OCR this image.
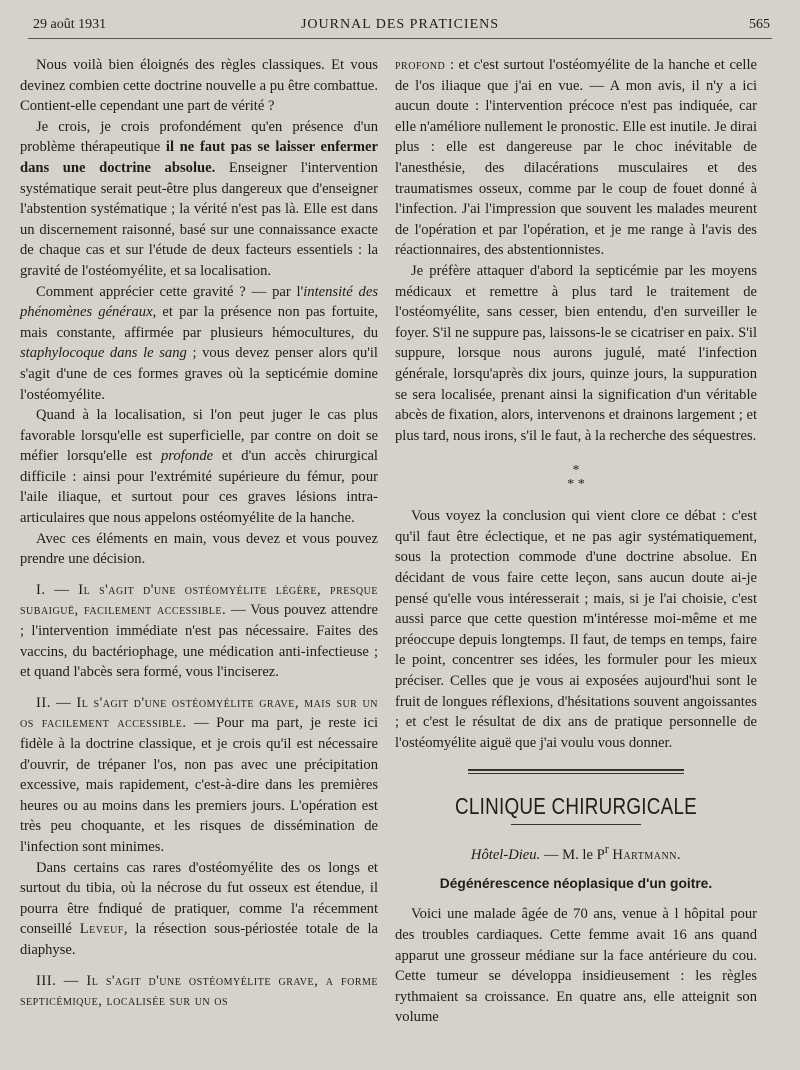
29 août 1931	JOURNAL DES PRATICIENS	565

Nous voilà bien éloignés des règles classiques. Et vous devinez combien cette doctrine nouvelle a pu être combattue. Contient-elle cependant une part de vérité ?

Je crois, je crois profondément qu'en présence d'un problème thérapeutique il ne faut pas se laisser enfermer dans une doctrine absolue. Enseigner l'intervention systématique serait peut-être plus dangereux que d'enseigner l'abstention systématique ; la vérité n'est pas là. Elle est dans un discernement raisonné, basé sur une connaissance exacte de chaque cas et sur l'étude de deux facteurs essentiels : la gravité de l'ostéomyélite, et sa localisation.

Comment apprécier cette gravité ? — par l'intensité des phénomènes généraux, et par la présence non pas fortuite, mais constante, affirmée par plusieurs hémocultures, du staphylocoque dans le sang ; vous devez penser alors qu'il s'agit d'une de ces formes graves où la septicémie domine l'ostéomyélite.

Quand à la localisation, si l'on peut juger le cas plus favorable lorsqu'elle est superficielle, par contre on doit se méfier lorsqu'elle est profonde et d'un accès chirurgical difficile : ainsi pour l'extrémité supérieure du fémur, pour l'aile iliaque, et surtout pour ces graves lésions intra-articulaires que nous appelons ostéomyélite de la hanche.

Avec ces éléments en main, vous devez et vous pouvez prendre une décision.

I. — Il s'agit d'une ostéomyélite légère, presque subaiguë, facilement accessible. — Vous pouvez attendre ; l'intervention immédiate n'est pas nécessaire. Faites des vaccins, du bactériophage, une médication anti-infectieuse ; et quand l'abcès sera formé, vous l'inciserez.

II. — Il s'agit d'une ostéomyélite grave, mais sur un os facilement accessible. — Pour ma part, je reste ici fidèle à la doctrine classique, et je crois qu'il est nécessaire d'ouvrir, de trépaner l'os, non pas avec une précipitation excessive, mais rapidement, c'est-à-dire dans les premières heures ou au moins dans les premiers jours. L'opération est très peu choquante, et les risques de dissémination de l'infection sont minimes.

Dans certains cas rares d'ostéomyélite des os longs et surtout du tibia, où la nécrose du fut osseux est étendue, il pourra être fndiqué de pratiquer, comme l'a récemment conseillé Leveuf, la résection sous-périostée totale de la diaphyse.

III. — Il s'agit d'une ostéomyélite grave, a forme septicémique, localisée sur un os

profond : et c'est surtout l'ostéomyélite de la hanche et celle de l'os iliaque que j'ai en vue. — A mon avis, il n'y a ici aucun doute : l'intervention précoce n'est pas indiquée, car elle n'améliore nullement le pronostic. Elle est inutile. Je dirai plus : elle est dangereuse par le choc inévitable de l'anesthésie, des dilacérations musculaires et des traumatismes osseux, comme par le coup de fouet donné à l'infection. J'ai l'impression que souvent les malades meurent de l'opération et par l'opération, et je me range à l'avis des réactionnaires, des abstentionnistes.

Je préfère attaquer d'abord la septicémie par les moyens médicaux et remettre à plus tard le traitement de l'ostéomyélite, sans cesser, bien entendu, d'en surveiller le foyer. S'il ne suppure pas, laissons-le se cicatriser en paix. S'il suppure, lorsque nous aurons jugulé, maté l'infection générale, lorsqu'après dix jours, quinze jours, la suppuration se sera localisée, prenant ainsi la signification d'un véritable abcès de fixation, alors, intervenons et drainons largement ; et plus tard, nous irons, s'il le faut, à la recherche des séquestres.

*
* *

Vous voyez la conclusion qui vient clore ce débat : c'est qu'il faut être éclectique, et ne pas agir systématiquement, sous la protection commode d'une doctrine absolue. En décidant de vous faire cette leçon, sans aucun doute ai-je pensé qu'elle vous intéresserait ; mais, si je l'ai choisie, c'est aussi parce que cette question m'intéresse moi-même et me préoccupe depuis longtemps. Il faut, de temps en temps, faire le point, concentrer ses idées, les formuler pour les mieux préciser. Celles que je vous ai exposées aujourd'hui sont le fruit de longues réflexions, d'hésitations souvent angoissantes ; et c'est le résultat de dix ans de pratique personnelle de l'ostéomyélite aiguë que j'ai voulu vous donner.

CLINIQUE CHIRURGICALE
Hôtel-Dieu. — M. le $P^r$ Hartmann.
Dégénérescence néoplasique d'un goitre.

Voici une malade âgée de 70 ans, venue à l hôpital pour des troubles cardiaques. Cette femme avait 16 ans quand apparut une grosseur médiane sur la face antérieure du cou. Cette tumeur se développa insidieusement : les règles rythmaient sa croissance. En quatre ans, elle atteignit son volume
